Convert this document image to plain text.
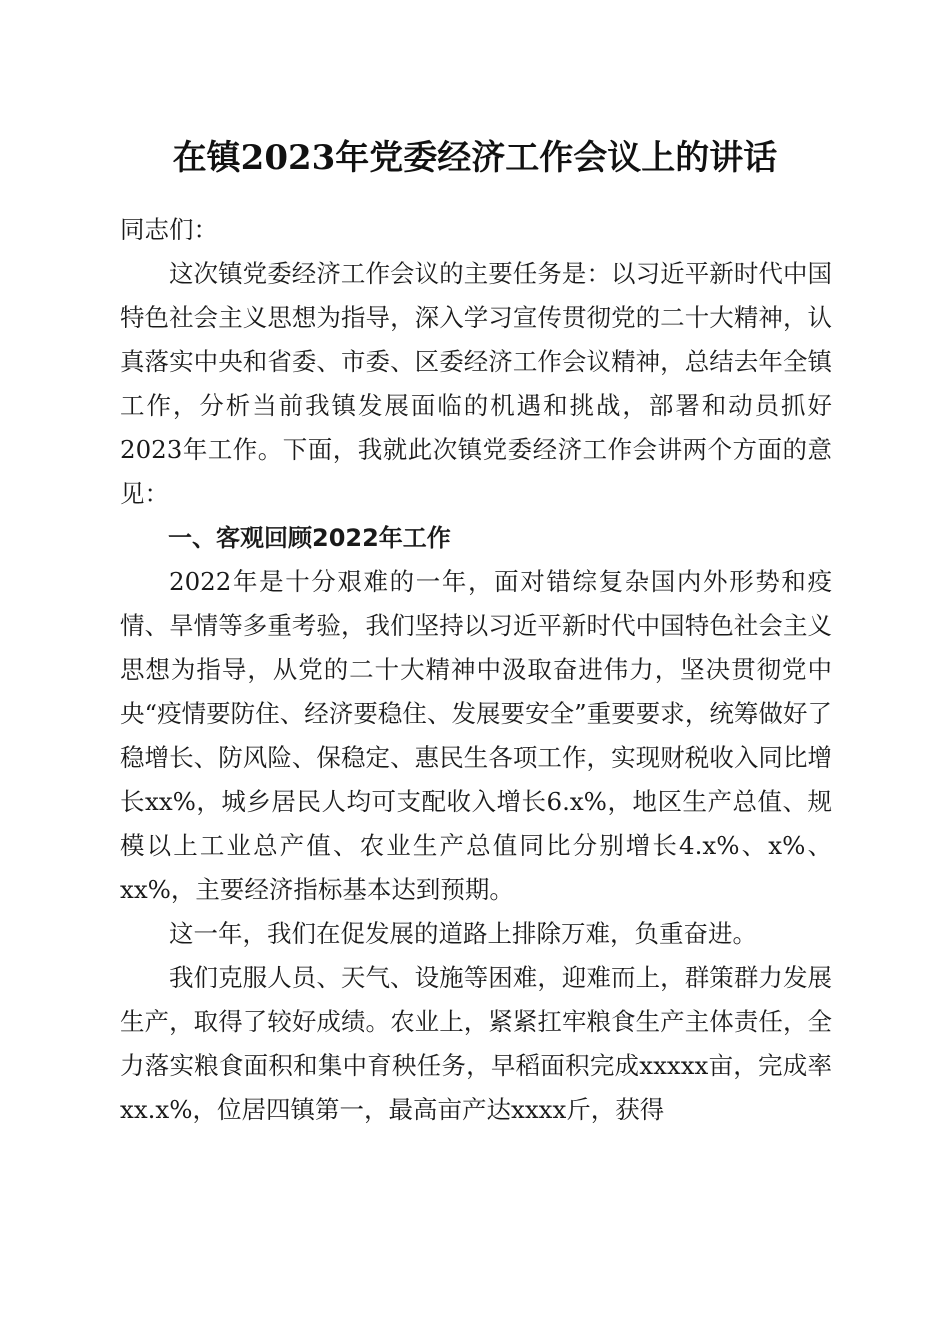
在镇2023年党委经济工作会议上的讲话

同志们：

这次镇党委经济工作会议的主要任务是：以习近平新时代中国特色社会主义思想为指导，深入学习宣传贯彻党的二十大精神，认真落实中央和省委、市委、区委经济工作会议精神，总结去年全镇工作，分析当前我镇发展面临的机遇和挑战，部署和动员抓好2023年工作。下面，我就此次镇党委经济工作会讲两个方面的意见：

一、客观回顾2022年工作

2022年是十分艰难的一年，面对错综复杂国内外形势和疫情、旱情等多重考验，我们坚持以习近平新时代中国特色社会主义思想为指导，从党的二十大精神中汲取奋进伟力，坚决贯彻党中央“疫情要防住、经济要稳住、发展要安全”重要要求，统筹做好了稳增长、防风险、保稳定、惠民生各项工作，实现财税收入同比增长xx%，城乡居民人均可支配收入增长6.x%，地区生产总值、规模以上工业总产值、农业生产总值同比分别增长4.x%、x%、xx%，主要经济指标基本达到预期。

这一年，我们在促发展的道路上排除万难，负重奋进。

我们克服人员、天气、设施等困难，迎难而上，群策群力发展生产，取得了较好成绩。农业上，紧紧扛牢粮食生产主体责任，全力落实粮食面积和集中育秧任务，早稻面积完成xxxxx亩，完成率xx.x%，位居四镇第一，最高亩产达xxxx斤，获得
